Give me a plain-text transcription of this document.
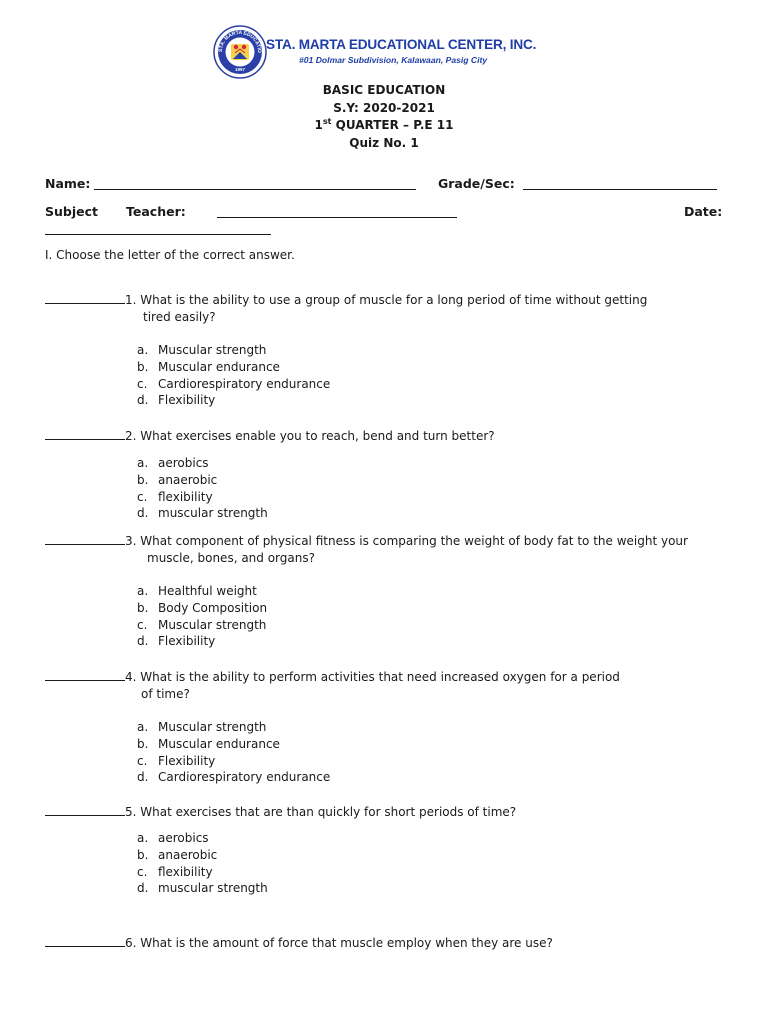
STA. MARTA EDUCATIO
1997
STA. MARTA EDUCATIONAL CENTER, INC.
#01 Dolmar Subdivision, Kalawaan, Pasig City
BASIC EDUCATION
S.Y: 2020-2021
1st QUARTER – P.E 11
Quiz No. 1
Name:	Grade/Sec:
Subject Teacher:	Date:
I. Choose the letter of the correct answer.
1. What is the ability to use a group of muscle for a long period of time without getting
tired easily?
a. Muscular strength
b. Muscular endurance
c. Cardiorespiratory endurance
d. Flexibility
2. What exercises enable you to reach, bend and turn better?
a. aerobics
b. anaerobic
c. flexibility
d. muscular strength
3. What component of physical fitness is comparing the weight of body fat to the weight your
muscle, bones, and organs?
a. Healthful weight
b. Body Composition
c. Muscular strength
d. Flexibility
4. What is the ability to perform activities that need increased oxygen for a period
of time?
a. Muscular strength
b. Muscular endurance
c. Flexibility
d. Cardiorespiratory endurance
5. What exercises that are than quickly for short periods of time?
a. aerobics
b. anaerobic
c. flexibility
d. muscular strength
6. What is the amount of force that muscle employ when they are use?
